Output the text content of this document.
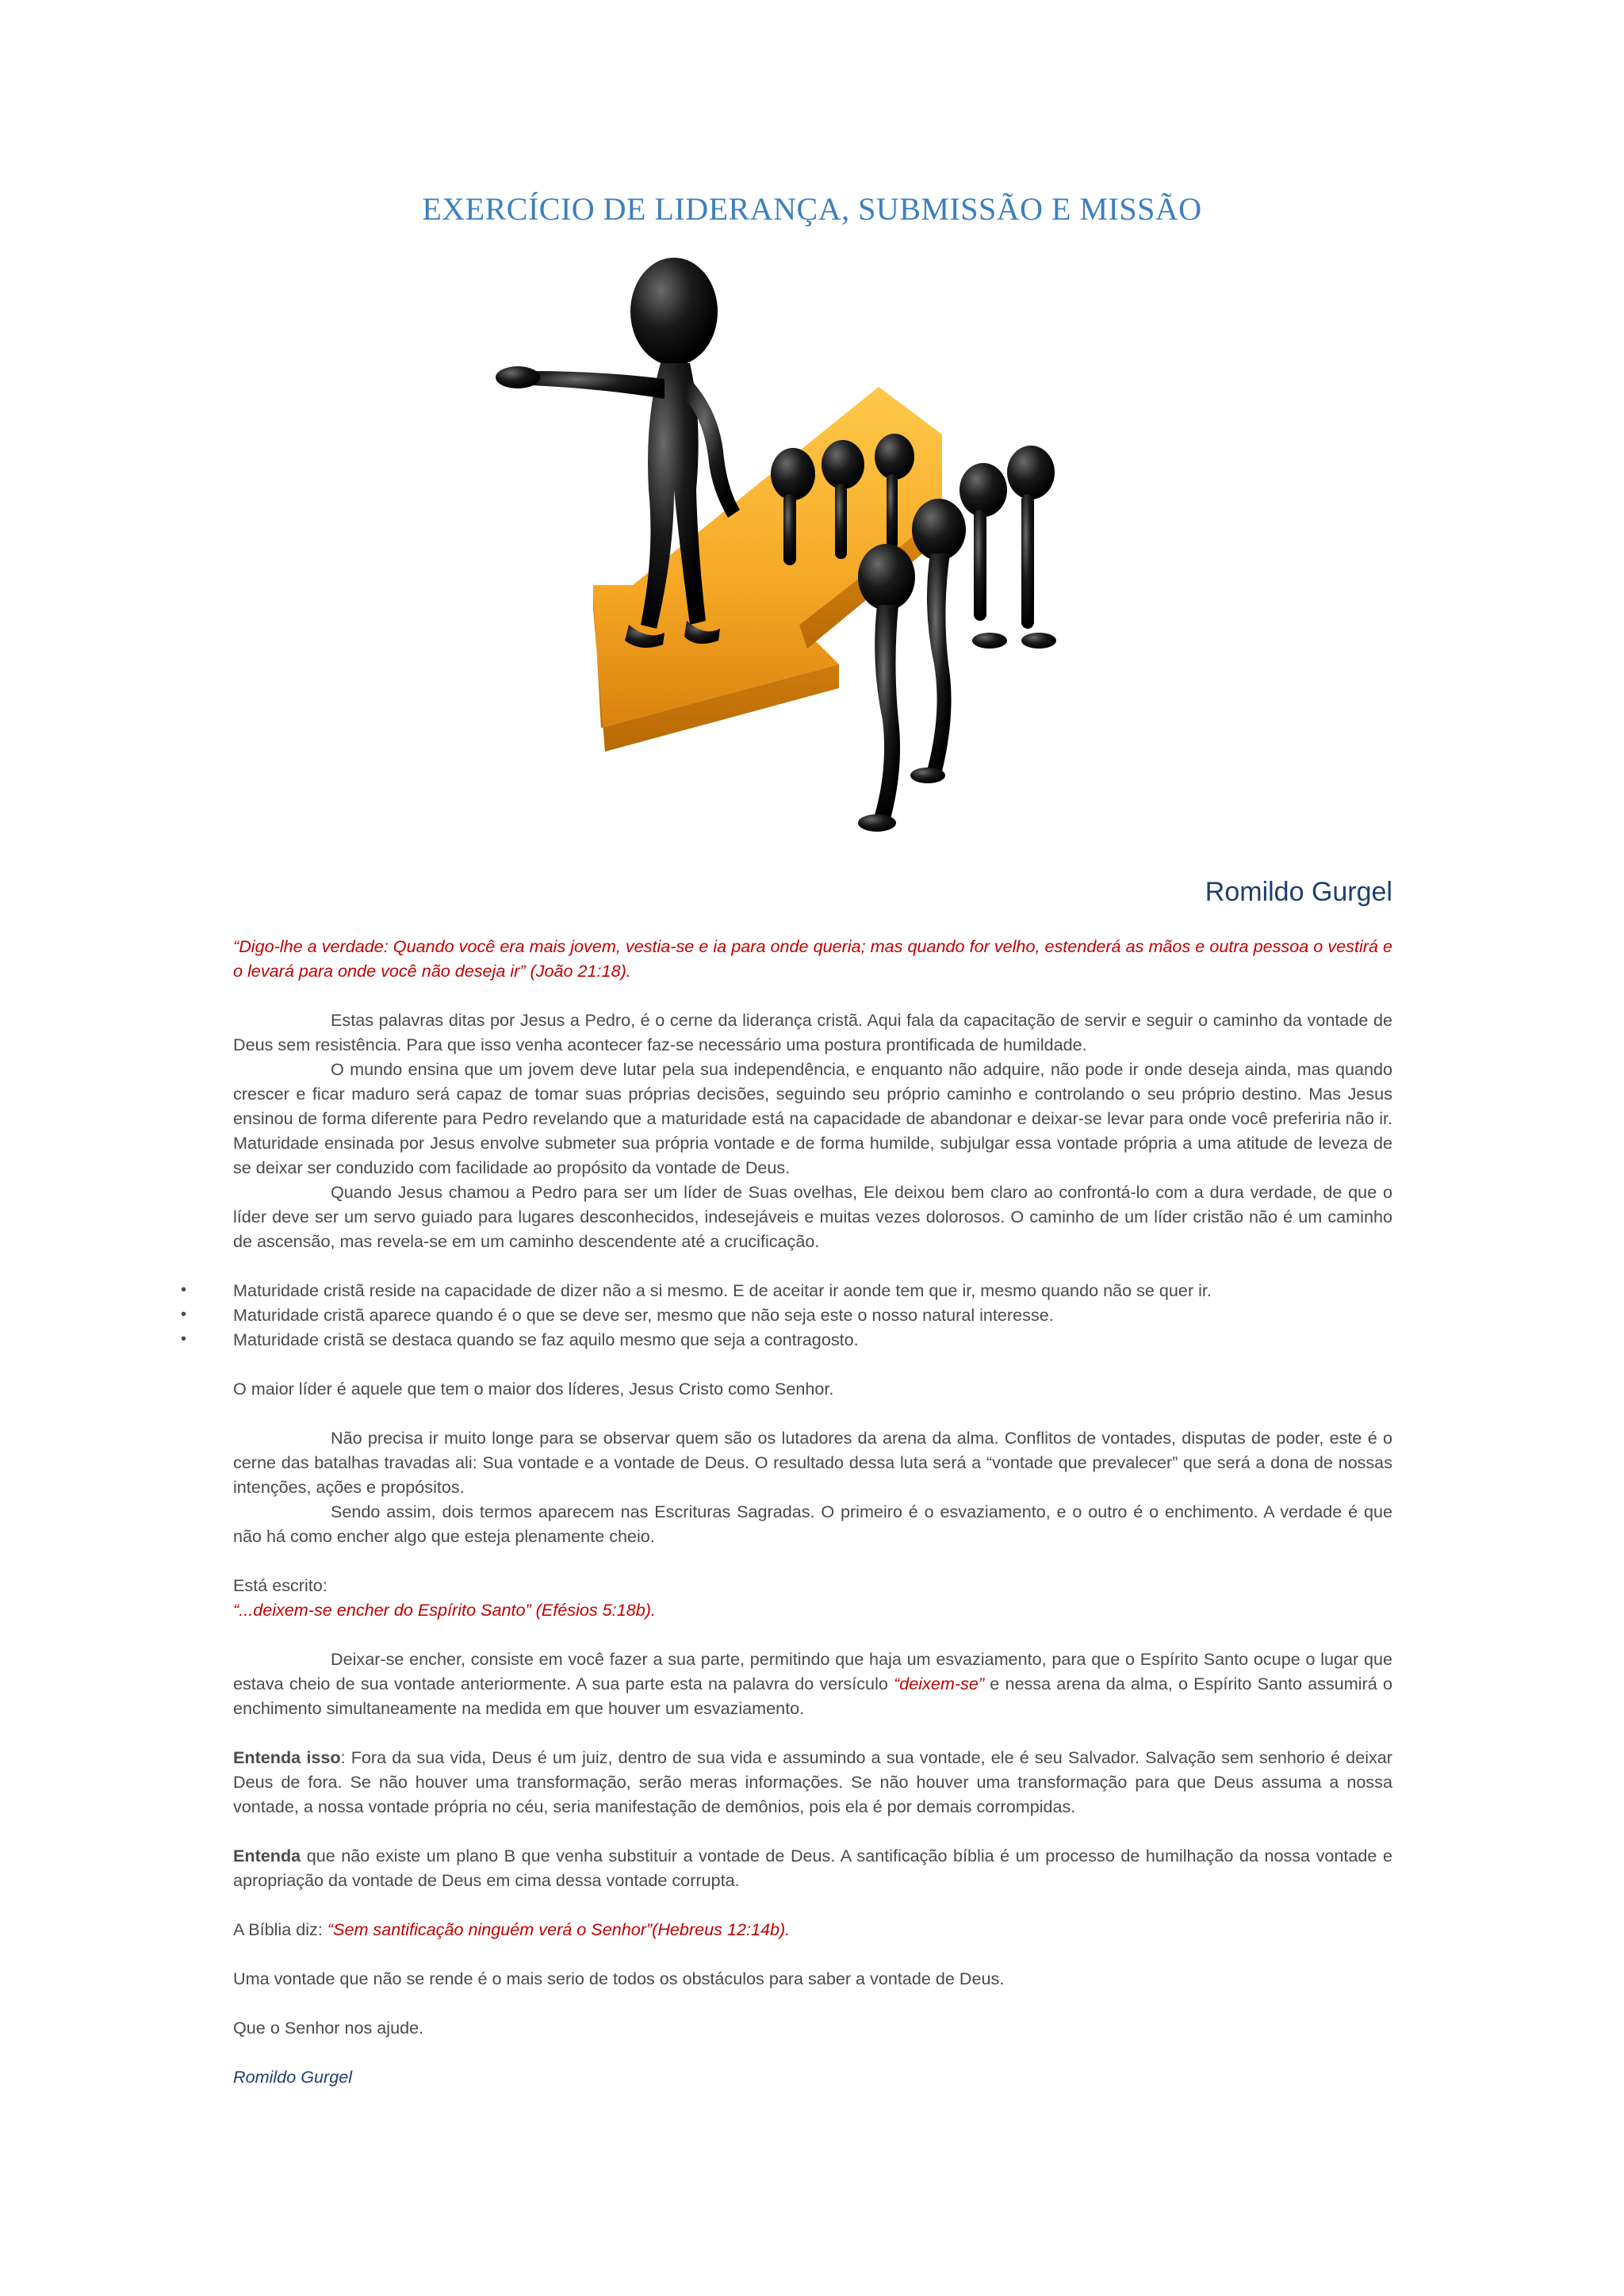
EXERCÍCIO DE LIDERANÇA, SUBMISSÃO E MISSÃO
Romildo Gurgel

“Digo-lhe a verdade: Quando você era mais jovem, vestia-se e ia para onde queria; mas quando for velho, estenderá as mãos e outra pessoa o vestirá e o levará para onde você não deseja ir” (João 21:18).

Estas palavras ditas por Jesus a Pedro, é o cerne da liderança cristã. Aqui fala da capacitação de servir e seguir o caminho da vontade de Deus sem resistência. Para que isso venha acontecer faz-se necessário uma postura prontificada de humildade.

O mundo ensina que um jovem deve lutar pela sua independência, e enquanto não adquire, não pode ir onde deseja ainda, mas quando crescer e ficar maduro será capaz de tomar suas próprias decisões, seguindo seu próprio caminho e controlando o seu próprio destino. Mas Jesus ensinou de forma diferente para Pedro revelando que a maturidade está na capacidade de abandonar e deixar-se levar para onde você preferiria não ir. Maturidade ensinada por Jesus envolve submeter sua própria vontade e de forma humilde, subjulgar essa vontade própria a uma atitude de leveza de se deixar ser conduzido com facilidade ao propósito da vontade de Deus.

Quando Jesus chamou a Pedro para ser um líder de Suas ovelhas, Ele deixou bem claro ao confrontá-lo com a dura verdade, de que o líder deve ser um servo guiado para lugares desconhecidos, indesejáveis e muitas vezes dolorosos. O caminho de um líder cristão não é um caminho de ascensão, mas revela-se em um caminho descendente até a crucificação.

•	Maturidade cristã reside na capacidade de dizer não a si mesmo. E de aceitar ir aonde tem que ir, mesmo quando não se quer ir.
•	Maturidade cristã aparece quando é o que se deve ser, mesmo que não seja este o nosso natural interesse.
•	Maturidade cristã se destaca quando se faz aquilo mesmo que seja a contragosto.

O maior líder é aquele que tem o maior dos líderes, Jesus Cristo como Senhor.

Não precisa ir muito longe para se observar quem são os lutadores da arena da alma. Conflitos de vontades, disputas de poder, este é o cerne das batalhas travadas ali: Sua vontade e a vontade de Deus. O resultado dessa luta será a “vontade que prevalecer” que será a dona de nossas intenções, ações e propósitos.

Sendo assim, dois termos aparecem nas Escrituras Sagradas. O primeiro é o esvaziamento, e o outro é o enchimento. A verdade é que não há como encher algo que esteja plenamente cheio.

Está escrito:

“...deixem-se encher do Espírito Santo” (Efésios 5:18b).

Deixar-se encher, consiste em você fazer a sua parte, permitindo que haja um esvaziamento, para que o Espírito Santo ocupe o lugar que estava cheio de sua vontade anteriormente. A sua parte esta na palavra do versículo “deixem-se” e nessa arena da alma, o Espírito Santo assumirá o enchimento simultaneamente na medida em que houver um esvaziamento.

Entenda isso: Fora da sua vida, Deus é um juiz, dentro de sua vida e assumindo a sua vontade, ele é seu Salvador. Salvação sem senhorio é deixar Deus de fora. Se não houver uma transformação, serão meras informações. Se não houver uma transformação para que Deus assuma a nossa vontade, a nossa vontade própria no céu, seria manifestação de demônios, pois ela é por demais corrompidas.

Entenda que não existe um plano B que venha substituir a vontade de Deus. A santificação bíblia é um processo de humilhação da nossa vontade e apropriação da vontade de Deus em cima dessa vontade corrupta.

A Bíblia diz: “Sem santificação ninguém verá o Senhor”(Hebreus 12:14b).

Uma vontade que não se rende é o mais serio de todos os obstáculos para saber a vontade de Deus.

Que o Senhor nos ajude.

Romildo Gurgel
